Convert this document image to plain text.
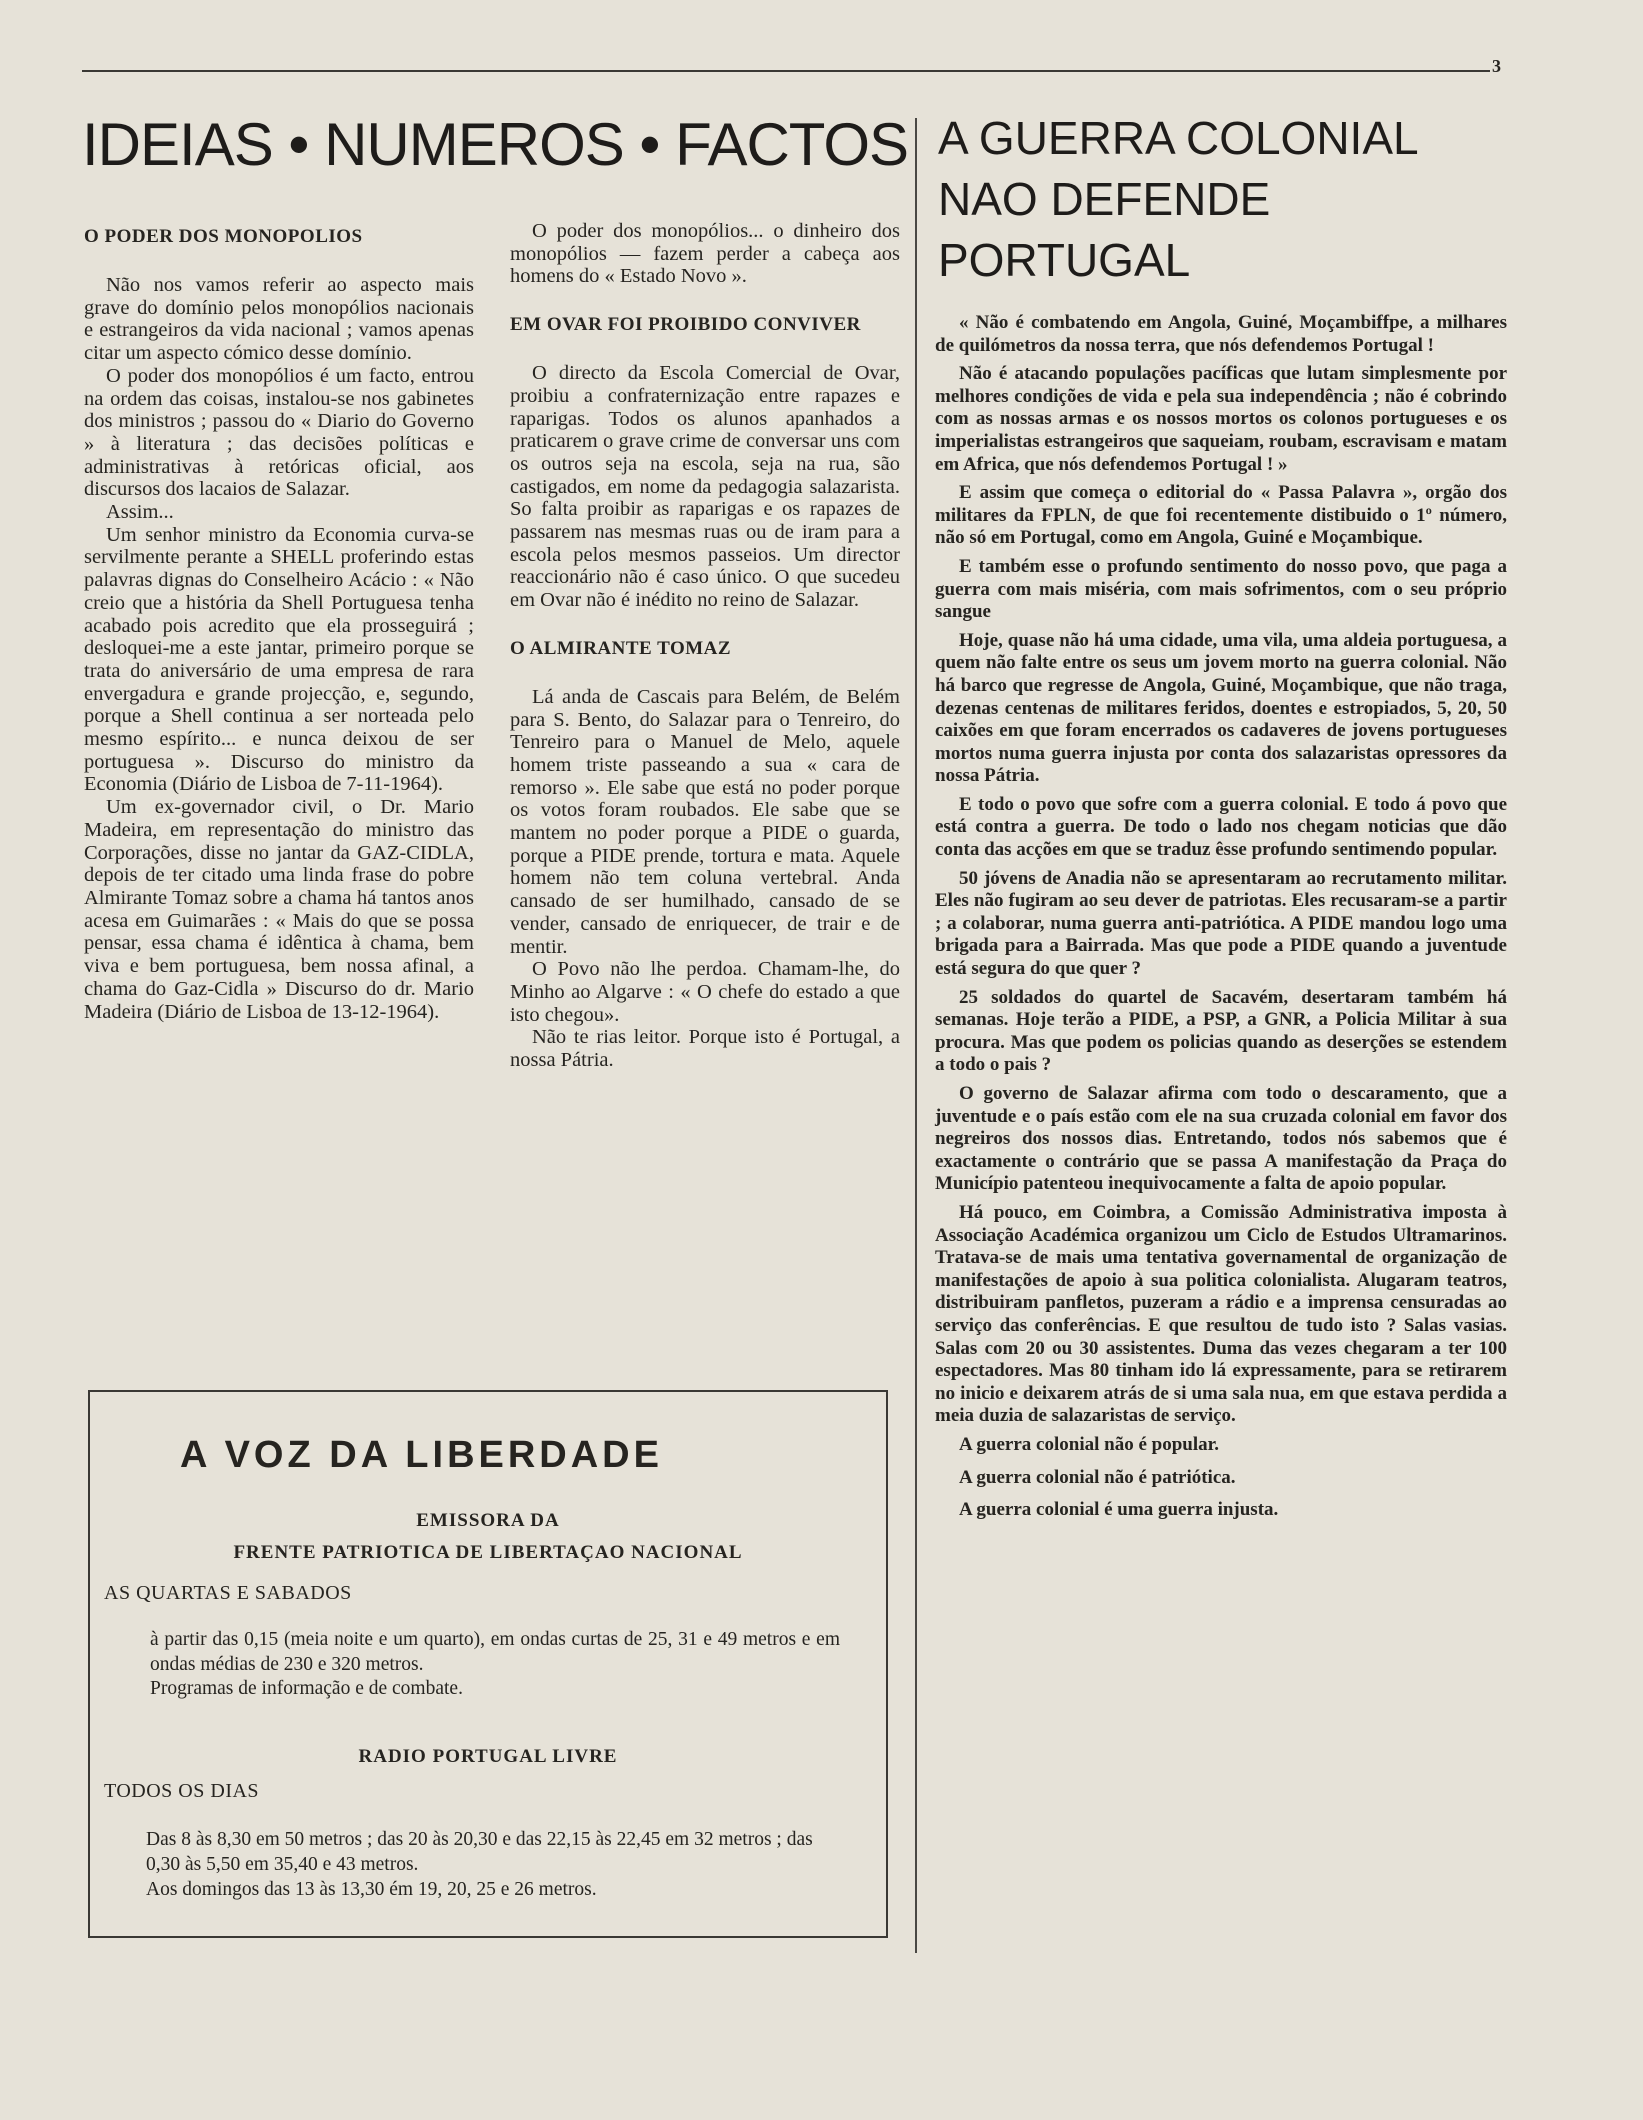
3
IDEIAS • NUMEROS • FACTOS

O PODER DOS MONOPOLIOS

Não nos vamos referir ao aspecto mais grave do domínio pelos monopólios nacionais e estrangeiros da vida nacional ; vamos apenas citar um aspecto cómico desse domínio.

O poder dos monopólios é um facto, entrou na ordem das coisas, instalou-se nos gabinetes dos ministros ; passou do « Diario do Governo » à literatura ; das decisões políticas e administrativas à retóricas oficial, aos discursos dos lacaios de Salazar.

Assim...

Um senhor ministro da Economia curva-se servilmente perante a SHELL proferindo estas palavras dignas do Conselheiro Acácio : « Não creio que a história da Shell Portuguesa tenha acabado pois acredito que ela prosseguirá ; desloquei-me a este jantar, primeiro porque se trata do aniversário de uma empresa de rara envergadura e grande projecção, e, segundo, porque a Shell continua a ser norteada pelo mesmo espírito... e nunca deixou de ser portuguesa ». Discurso do ministro da Economia (Diário de Lisboa de 7-11-1964).

Um ex-governador civil, o Dr. Mario Madeira, em representação do ministro das Corporações, disse no jantar da GAZ-CIDLA, depois de ter citado uma linda frase do pobre Almirante Tomaz sobre a chama há tantos anos acesa em Guimarães : « Mais do que se possa pensar, essa chama é idêntica à chama, bem viva e bem portuguesa, bem nossa afinal, a chama do Gaz-Cidla » Discurso do dr. Mario Madeira (Diário de Lisboa de 13-12-1964).

O poder dos monopólios... o dinheiro dos monopólios — fazem perder a cabeça aos homens do « Estado Novo ».

EM OVAR FOI PROIBIDO CONVIVER

O directo da Escola Comercial de Ovar, proibiu a confraternização entre rapazes e raparigas. Todos os alunos apanhados a praticarem o grave crime de conversar uns com os outros seja na escola, seja na rua, são castigados, em nome da pedagogia salazarista. So falta proibir as raparigas e os rapazes de passarem nas mesmas ruas ou de iram para a escola pelos mesmos passeios. Um director reaccionário não é caso único. O que sucedeu em Ovar não é inédito no reino de Salazar.

O ALMIRANTE TOMAZ

Lá anda de Cascais para Belém, de Belém para S. Bento, do Salazar para o Tenreiro, do Tenreiro para o Manuel de Melo, aquele homem triste passeando a sua « cara de remorso ». Ele sabe que está no poder porque os votos foram roubados. Ele sabe que se mantem no poder porque a PIDE o guarda, porque a PIDE prende, tortura e mata. Aquele homem não tem coluna vertebral. Anda cansado de ser humilhado, cansado de se vender, cansado de enriquecer, de trair e de mentir.

O Povo não lhe perdoa. Chamam-lhe, do Minho ao Algarve : « O chefe do estado a que isto chegou».

Não te rias leitor. Porque isto é Portugal, a nossa Pátria.

A GUERRA COLONIAL NAO DEFENDE PORTUGAL

« Não é combatendo em Angola, Guiné, Moçambiffpe, a milhares de quilómetros da nossa terra, que nós defendemos Portugal !

Não é atacando populações pacíficas que lutam simplesmente por melhores condições de vida e pela sua independência ; não é cobrindo com as nossas armas e os nossos mortos os colonos portugueses e os imperialistas estrangeiros que saqueiam, roubam, escravisam e matam em Africa, que nós defendemos Portugal ! »

E assim que começa o editorial do « Passa Palavra », orgão dos militares da FPLN, de que foi recentemente distibuido o 1º número, não só em Portugal, como em Angola, Guiné e Moçambique.

E também esse o profundo sentimento do nosso povo, que paga a guerra com mais miséria, com mais sofrimentos, com o seu próprio sangue

Hoje, quase não há uma cidade, uma vila, uma aldeia portuguesa, a quem não falte entre os seus um jovem morto na guerra colonial. Não há barco que regresse de Angola, Guiné, Moçambique, que não traga, dezenas centenas de militares feridos, doentes e estropiados, 5, 20, 50 caixões em que foram encerrados os cadaveres de jovens portugueses mortos numa guerra injusta por conta dos salazaristas opressores da nossa Pátria.

E todo o povo que sofre com a guerra colonial. E todo á povo que está contra a guerra. De todo o lado nos chegam noticias que dão conta das acções em que se traduz êsse profundo sentimendo popular.

50 jóvens de Anadia não se apresentaram ao recrutamento militar. Eles não fugiram ao seu dever de patriotas. Eles recusaram-se a partir ; a colaborar, numa guerra anti-patriótica. A PIDE mandou logo uma brigada para a Bairrada. Mas que pode a PIDE quando a juventude está segura do que quer ?

25 soldados do quartel de Sacavém, desertaram também há semanas. Hoje terão a PIDE, a PSP, a GNR, a Policia Militar à sua procura. Mas que podem os policias quando as deserções se estendem a todo o pais ?

O governo de Salazar afirma com todo o descaramento, que a juventude e o país estão com ele na sua cruzada colonial em favor dos negreiros dos nossos dias. Entretando, todos nós sabemos que é exactamente o contrário que se passa A manifestação da Praça do Município patenteou inequivocamente a falta de apoio popular.

Há pouco, em Coimbra, a Comissão Administrativa imposta à Associação Académica organizou um Ciclo de Estudos Ultramarinos. Tratava-se de mais uma tentativa governamental de organização de manifestações de apoio à sua politica colonialista. Alugaram teatros, distribuiram panfletos, puzeram a rádio e a imprensa censuradas ao serviço das conferências. E que resultou de tudo isto ? Salas vasias. Salas com 20 ou 30 assistentes. Duma das vezes chegaram a ter 100 espectadores. Mas 80 tinham ido lá expressamente, para se retirarem no inicio e deixarem atrás de si uma sala nua, em que estava perdida a meia duzia de salazaristas de serviço.

A guerra colonial não é popular.

A guerra colonial não é patriótica.

A guerra colonial é uma guerra injusta.

A VOZ DA LIBERDADE
EMISSORA DA
FRENTE PATRIOTICA DE LIBERTAÇAO NACIONAL
AS QUARTAS E SABADOS
à partir das 0,15 (meia noite e um quarto), em ondas curtas de 25, 31 e 49 metros e em ondas médias de 230 e 320 metros.
Programas de informação e de combate.
RADIO PORTUGAL LIVRE
TODOS OS DIAS
Das 8 às 8,30 em 50 metros ; das 20 às 20,30 e das 22,15 às 22,45 em 32 metros ; das 0,30 às 5,50 em 35,40 e 43 metros.
Aos domingos das 13 às 13,30 ém 19, 20, 25 e 26 metros.
